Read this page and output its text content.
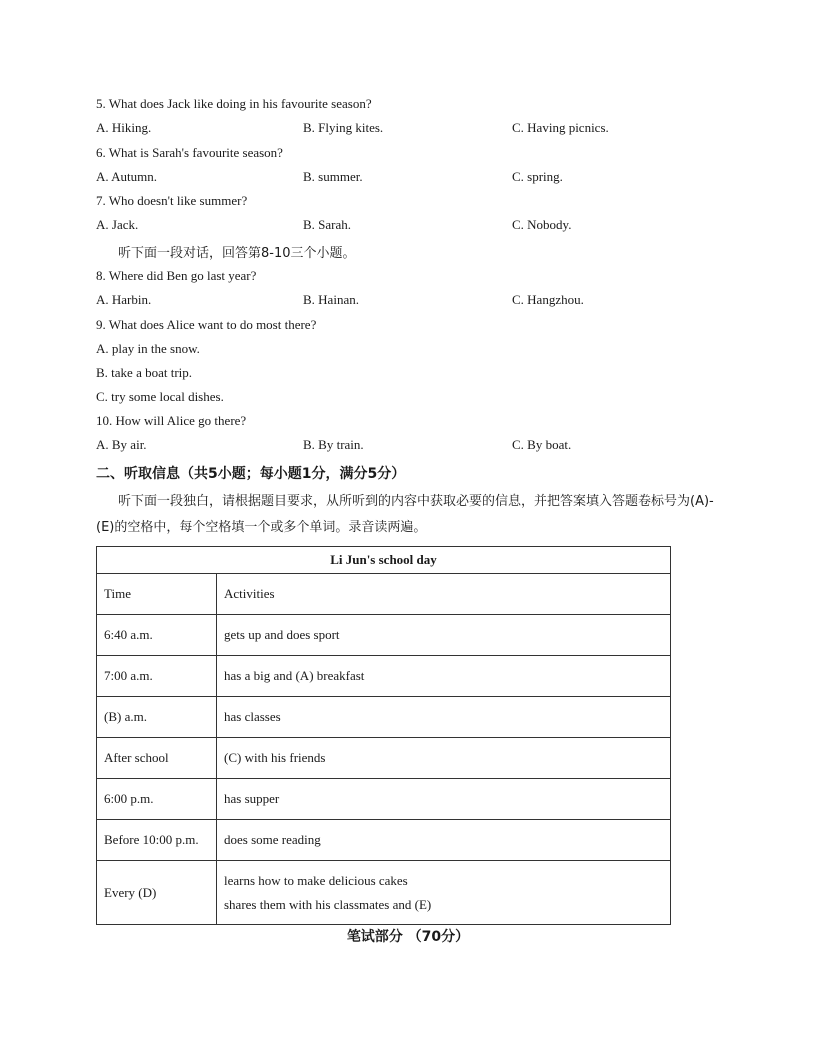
5. What does Jack like doing in his favourite season?
A. Hiking.	B. Flying kites.	C. Having picnics.
6. What is Sarah's favourite season?
A. Autumn.	B. summer.	C. spring.
7. Who doesn't like summer?
A. Jack.	B. Sarah.	C. Nobody.
听下面一段对话，回答第8-10三个小题。
8. Where did Ben go last year?
A. Harbin.	B. Hainan.	C. Hangzhou.
9. What does Alice want to do most there?
A. play in the snow.
B. take a boat trip.
C. try some local dishes.
10. How will Alice go there?
A. By air.	B. By train.	C. By boat.
二、听取信息（共5小题；每小题1分，满分5分）
听下面一段独白，请根据题目要求，从所听到的内容中获取必要的信息，并把答案填入答题卷标号为(A)-(E)的空格中，每个空格填一个或多个单词。录音读两遍。
Li Jun's school day	
Time	Activities
6:40 a.m.	gets up and does sport
7:00 a.m.	has a big and (A) breakfast
(B) a.m.	has classes
After school	(C) with his friends
6:00 p.m.	has supper
Before 10:00 p.m.	does some reading
Every (D)	learns how to make delicious cakes
shares them with his classmates and (E)
笔试部分 （70分）
